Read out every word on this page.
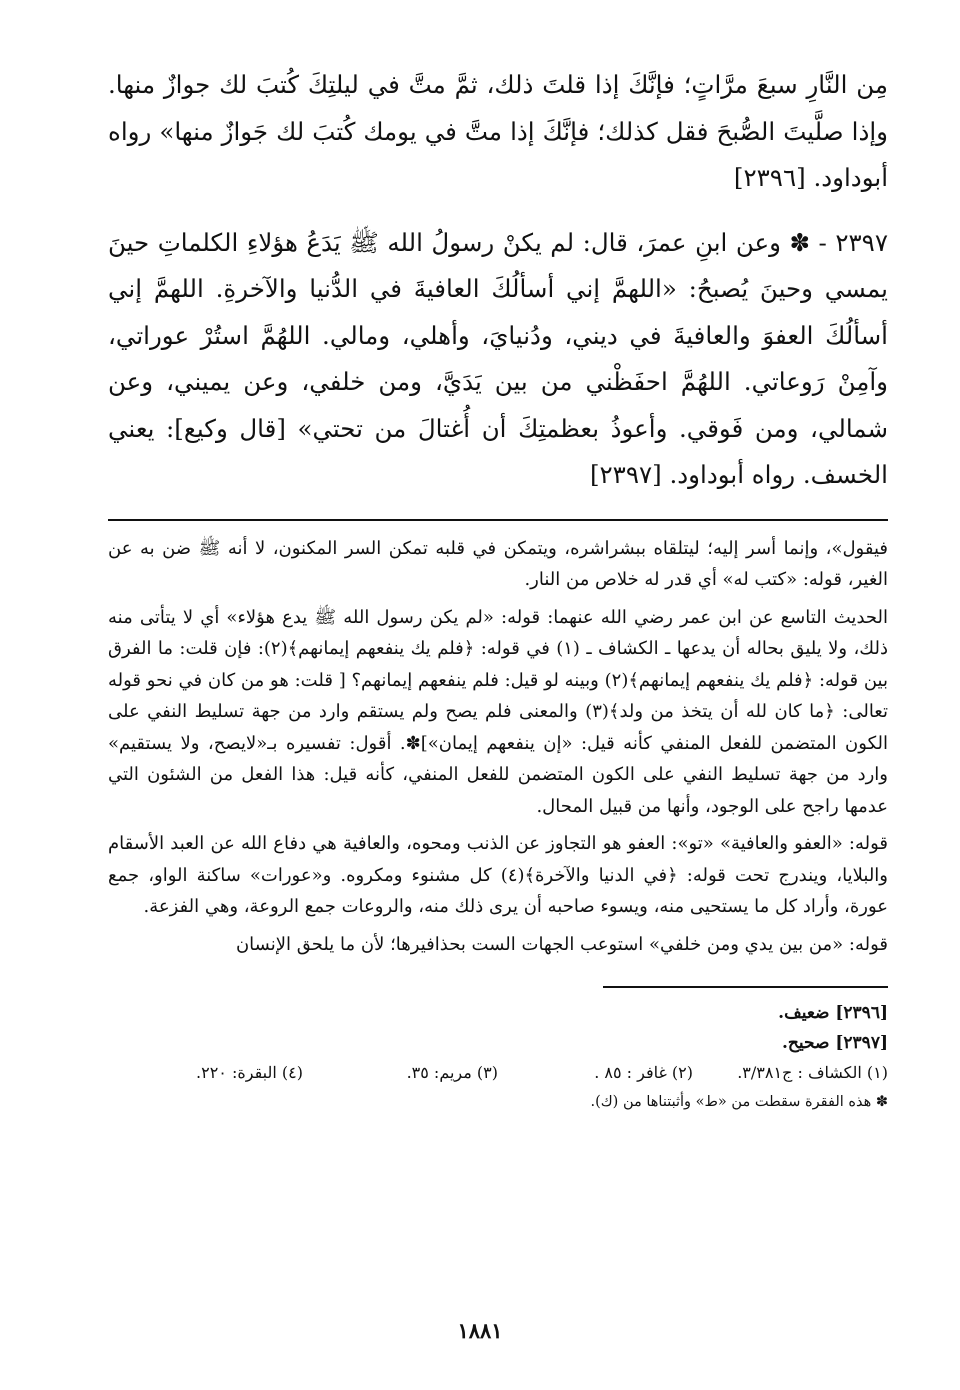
مِن النَّارِ سبعَ مرَّاتٍ؛ فإنَّكَ إذا قلتَ ذلك، ثمَّ متَّ في ليلتِكَ كُتبَ لك جوازٌ منها. وإذا صلَّيتَ الصُّبحَ فقل كذلك؛ فإنَّكَ إذا متَّ في يومك كُتبَ لك جَوازٌ منها» رواه أبوداود. [٢٣٩٦]

٢٣٩٧ - ✽ وعن ابنِ عمرَ، قال: لم يكنْ رسولُ الله ﷺ يَدَعُ هؤلاءِ الكلماتِ حينَ يمسي وحينَ يُصبحُ: «اللهمَّ إني أسألُكَ العافيةَ في الدُّنيا والآخرةِ. اللهمَّ إني أسألُكَ العفوَ والعافيةَ في ديني، ودُنيايَ، وأهلي، ومالي. اللهُمَّ استُرْ عوراتي، وآمِنْ رَوعاتي. اللهُمَّ احفَظْني من بين يَدَيَّ، ومن خلفي، وعن يميني، وعن شمالي، ومن فَوقي. وأعوذُ بعظمتِكَ أن أُغتالَ من تحتي» [قال وكيع]: يعني الخسف. رواه أبوداود. [٢٣٩٧]

فيقول»، وإنما أسر إليه؛ ليتلقاه ببشراشره، ويتمكن في قلبه تمكن السر المكنون، لا أنه ﷺ ضن به عن الغير، قوله: «كتب له» أي قدر له خلاص من النار.

الحديث التاسع عن ابن عمر رضي الله عنهما: قوله: «لم يكن رسول الله ﷺ يدع هؤلاء» أي لا يتأتى منه ذلك، ولا يليق بحاله أن يدعها ـ الكشاف ـ (١) في قوله: ﴿فلم يك ينفعهم إيمانهم﴾(٢): فإن قلت: ما الفرق بين قوله: ﴿فلم يك ينفعهم إيمانهم﴾(٢) وبينه لو قيل: فلم ينفعهم إيمانهم؟ [ قلت: هو من كان في نحو قوله تعالى: ﴿ما كان لله أن يتخذ من ولد﴾(٣) والمعنى فلم يصح ولم يستقم وارد من جهة تسليط النفي على الكون المتضمن للفعل المنفي كأنه قيل: «إن ينفعهم إيمان»]✽. أقول: تفسيره بـ«لايصح، ولا يستقيم» وارد من جهة تسليط النفي على الكون المتضمن للفعل المنفي، كأنه قيل: هذا الفعل من الشئون التي عدمها راجح على الوجود، وأنها من قبيل المحال.

قوله: «العفو والعافية» «تو»: العفو هو التجاوز عن الذنب ومحوه، والعافية هي دفاع الله عن العبد الأسقام والبلايا، ويندرج تحت قوله: ﴿في الدنيا والآخرة﴾(٤) كل مشنوء ومكروه. و«عورات» ساكنة الواو، جمع عورة، وأراد كل ما يستحيى منه، ويسوء صاحبه أن يرى ذلك منه، والروعات جمع الروعة، وهي الفزعة.

قوله: «من بين يدي ومن خلفي» استوعب الجهات الست بحذافيرها؛ لأن ما يلحق الإنسان

[٢٣٩٦] ضعيف.

[٢٣٩٧] صحيح.

(١) الكشاف : ج٣/٣٨١.
(٢) غافر : ٨٥ .
(٣) مريم: ٣٥.
(٤) البقرة: ٢٢٠.
✽ هذه الفقرة سقطت من «ط» وأثبتناها من (ك).
١٨٨١
